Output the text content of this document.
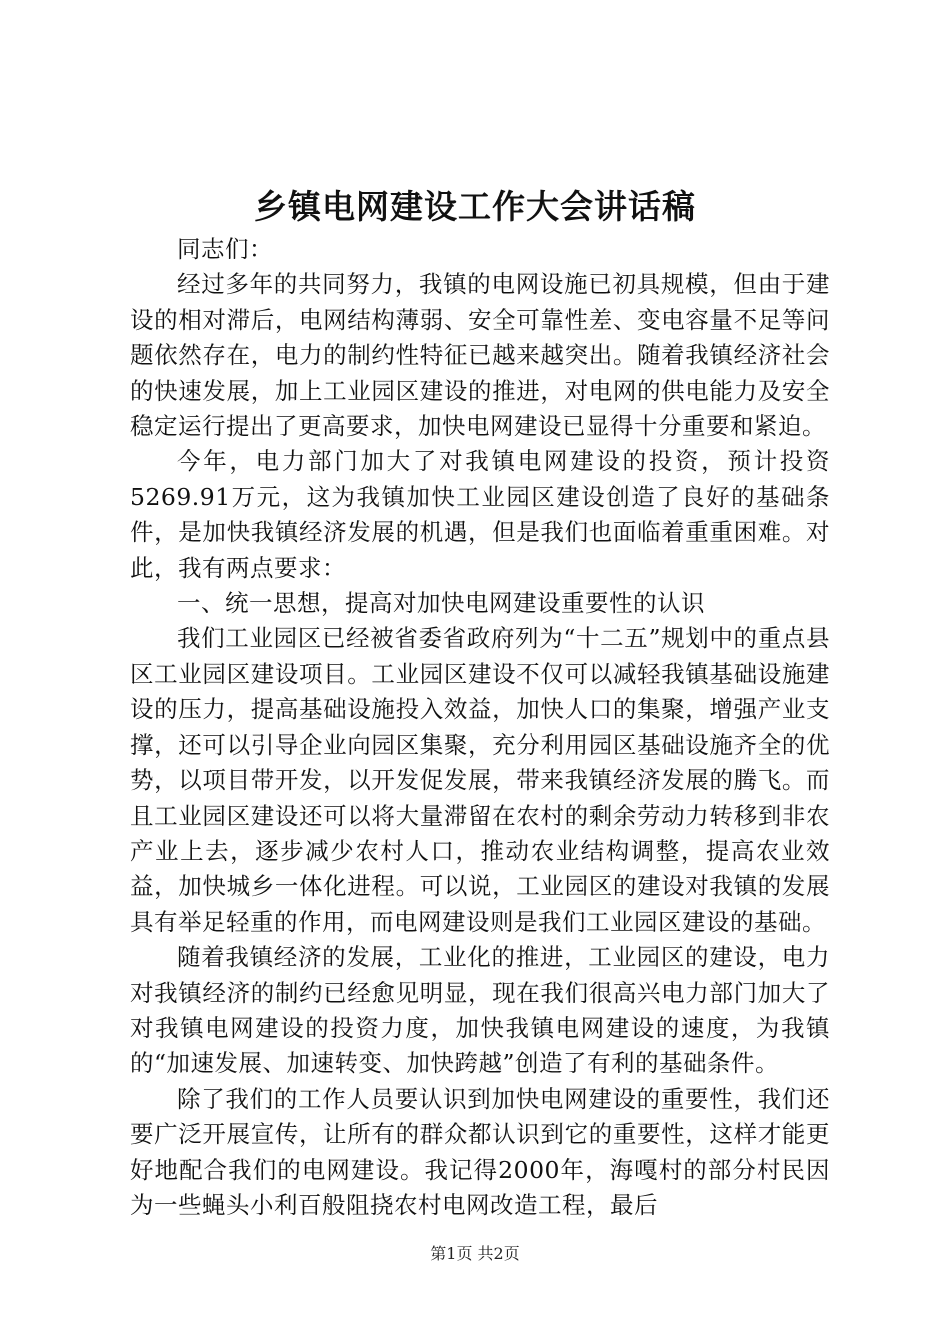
乡镇电网建设工作大会讲话稿

同志们：

经过多年的共同努力，我镇的电网设施已初具规模，但由于建设的相对滞后，电网结构薄弱、安全可靠性差、变电容量不足等问题依然存在，电力的制约性特征已越来越突出。随着我镇经济社会的快速发展，加上工业园区建设的推进，对电网的供电能力及安全稳定运行提出了更高要求，加快电网建设已显得十分重要和紧迫。

今年，电力部门加大了对我镇电网建设的投资，预计投资5269.91万元，这为我镇加快工业园区建设创造了良好的基础条件，是加快我镇经济发展的机遇，但是我们也面临着重重困难。对此，我有两点要求：

一、统一思想，提高对加快电网建设重要性的认识

我们工业园区已经被省委省政府列为“十二五”规划中的重点县区工业园区建设项目。工业园区建设不仅可以减轻我镇基础设施建设的压力，提高基础设施投入效益，加快人口的集聚，增强产业支撑，还可以引导企业向园区集聚，充分利用园区基础设施齐全的优势，以项目带开发，以开发促发展，带来我镇经济发展的腾飞。而且工业园区建设还可以将大量滞留在农村的剩余劳动力转移到非农产业上去，逐步减少农村人口，推动农业结构调整，提高农业效益，加快城乡一体化进程。可以说，工业园区的建设对我镇的发展具有举足轻重的作用，而电网建设则是我们工业园区建设的基础。

随着我镇经济的发展，工业化的推进，工业园区的建设，电力对我镇经济的制约已经愈见明显，现在我们很高兴电力部门加大了对我镇电网建设的投资力度，加快我镇电网建设的速度，为我镇的“加速发展、加速转变、加快跨越”创造了有利的基础条件。

除了我们的工作人员要认识到加快电网建设的重要性，我们还要广泛开展宣传，让所有的群众都认识到它的重要性，这样才能更好地配合我们的电网建设。我记得2000年，海嘎村的部分村民因为一些蝇头小利百般阻挠农村电网改造工程，最后

第1页 共2页
